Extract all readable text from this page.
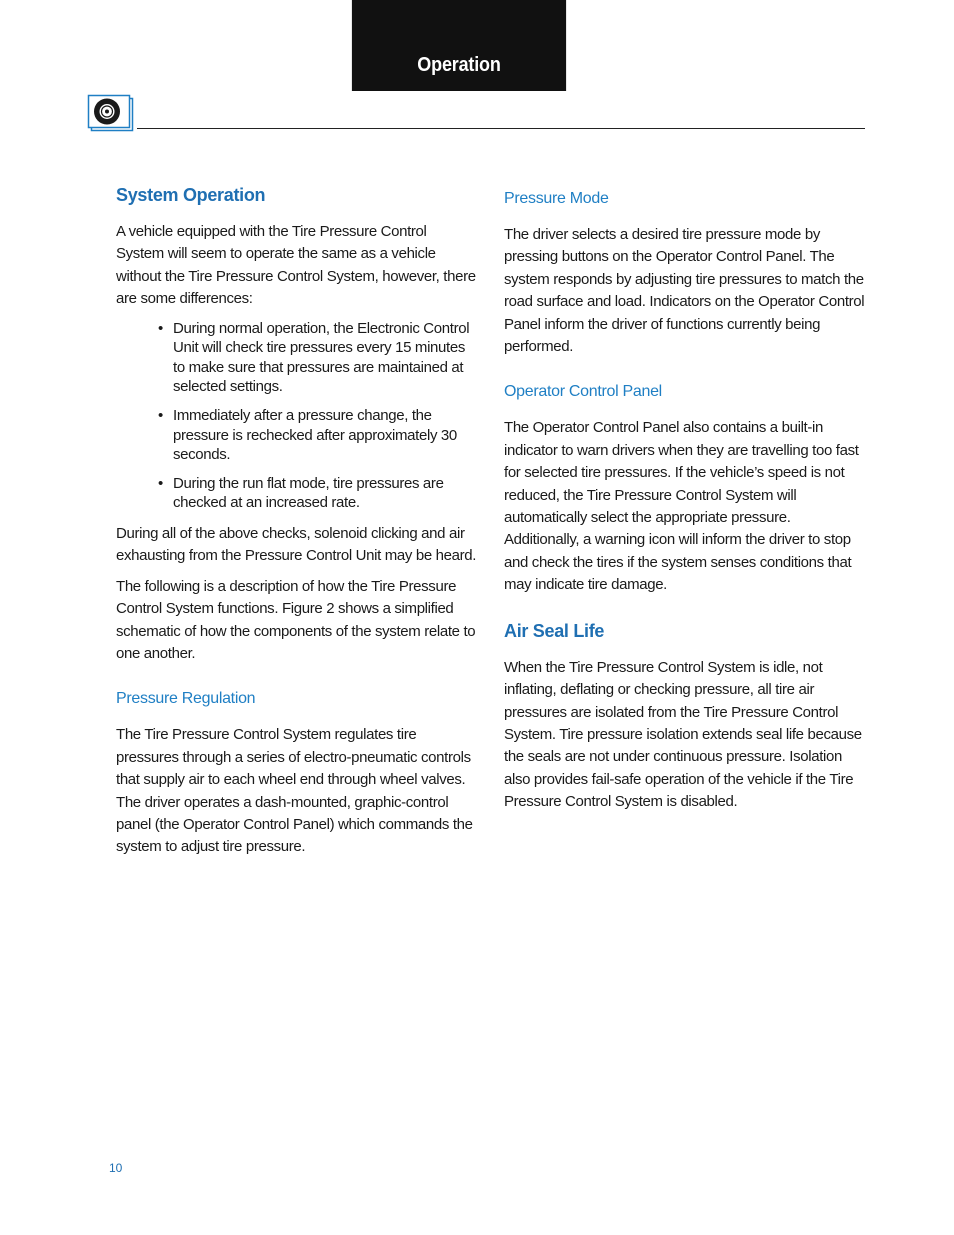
Operation
System Operation

A vehicle equipped with the Tire Pressure Control System will seem to operate the same as a vehicle without the Tire Pressure Control System, however, there are some differences:

• During normal operation, the Electronic Control Unit will check tire pressures every 15 minutes to make sure that pressures are maintained at selected settings.
• Immediately after a pressure change, the pressure is rechecked after approximately 30 seconds.
• During the run flat mode, tire pressures are checked at an increased rate.

During all of the above checks, solenoid clicking and air exhausting from the Pressure Control Unit may be heard.

The following is a description of how the Tire Pressure Control System functions. Figure 2 shows a simplified schematic of how the components of the system relate to one another.

Pressure Regulation

The Tire Pressure Control System regulates tire pressures through a series of electro-pneumatic controls that supply air to each wheel end through wheel valves. The driver operates a dash-mounted, graphic-control panel (the Operator Control Panel) which commands the system to adjust tire pressure.

Pressure Mode

The driver selects a desired tire pressure mode by pressing buttons on the Operator Control Panel. The system responds by adjusting tire pressures to match the road surface and load. Indicators on the Operator Control Panel inform the driver of functions currently being performed.

Operator Control Panel

The Operator Control Panel also contains a built-in indicator to warn drivers when they are travelling too fast for selected tire pressures. If the vehicle’s speed is not reduced, the Tire Pressure Control System will automatically select the appropriate pressure. Additionally, a warning icon will inform the driver to stop and check the tires if the system senses conditions that may indicate tire damage.

Air Seal Life

When the Tire Pressure Control System is idle, not inflating, deflating or checking pressure, all tire air pressures are isolated from the Tire Pressure Control System. Tire pressure isolation extends seal life because the seals are not under continuous pressure. Isolation also provides fail-safe operation of the vehicle if the Tire Pressure Control System is disabled.

10
